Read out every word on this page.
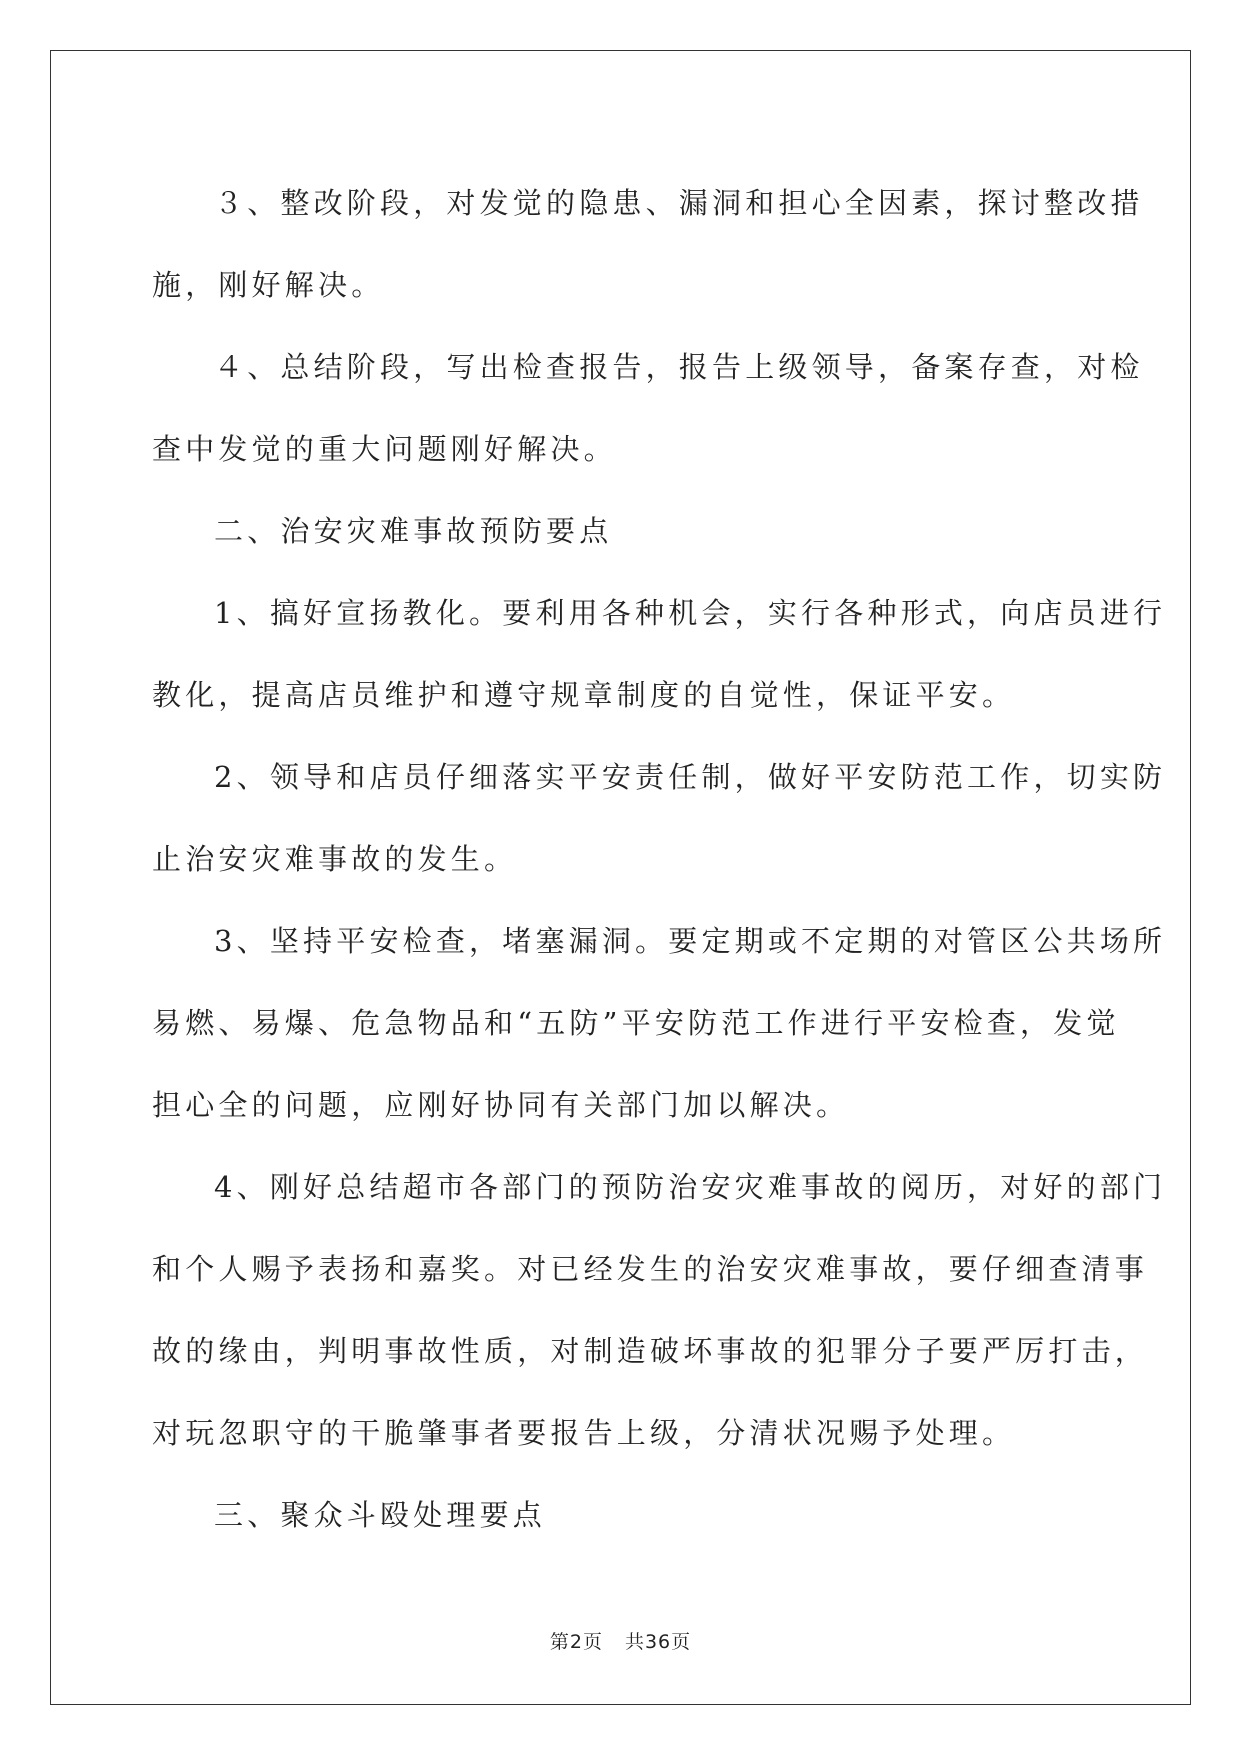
３、整改阶段，对发觉的隐患、漏洞和担心全因素，探讨整改措
施，刚好解决。

４、总结阶段，写出检查报告，报告上级领导，备案存查，对检
查中发觉的重大问题刚好解决。

二、治安灾难事故预防要点

1、搞好宣扬教化。要利用各种机会，实行各种形式，向店员进行
教化，提高店员维护和遵守规章制度的自觉性，保证平安。

2、领导和店员仔细落实平安责任制，做好平安防范工作，切实防
止治安灾难事故的发生。

3、坚持平安检查，堵塞漏洞。要定期或不定期的对管区公共场所
易燃、易爆、危急物品和“五防”平安防范工作进行平安检查，发觉
担心全的问题，应刚好协同有关部门加以解决。

4、刚好总结超市各部门的预防治安灾难事故的阅历，对好的部门
和个人赐予表扬和嘉奖。对已经发生的治安灾难事故，要仔细查清事
故的缘由，判明事故性质，对制造破坏事故的犯罪分子要严厉打击，
对玩忽职守的干脆肇事者要报告上级，分清状况赐予处理。

三、聚众斗殴处理要点

第2页 共36页
